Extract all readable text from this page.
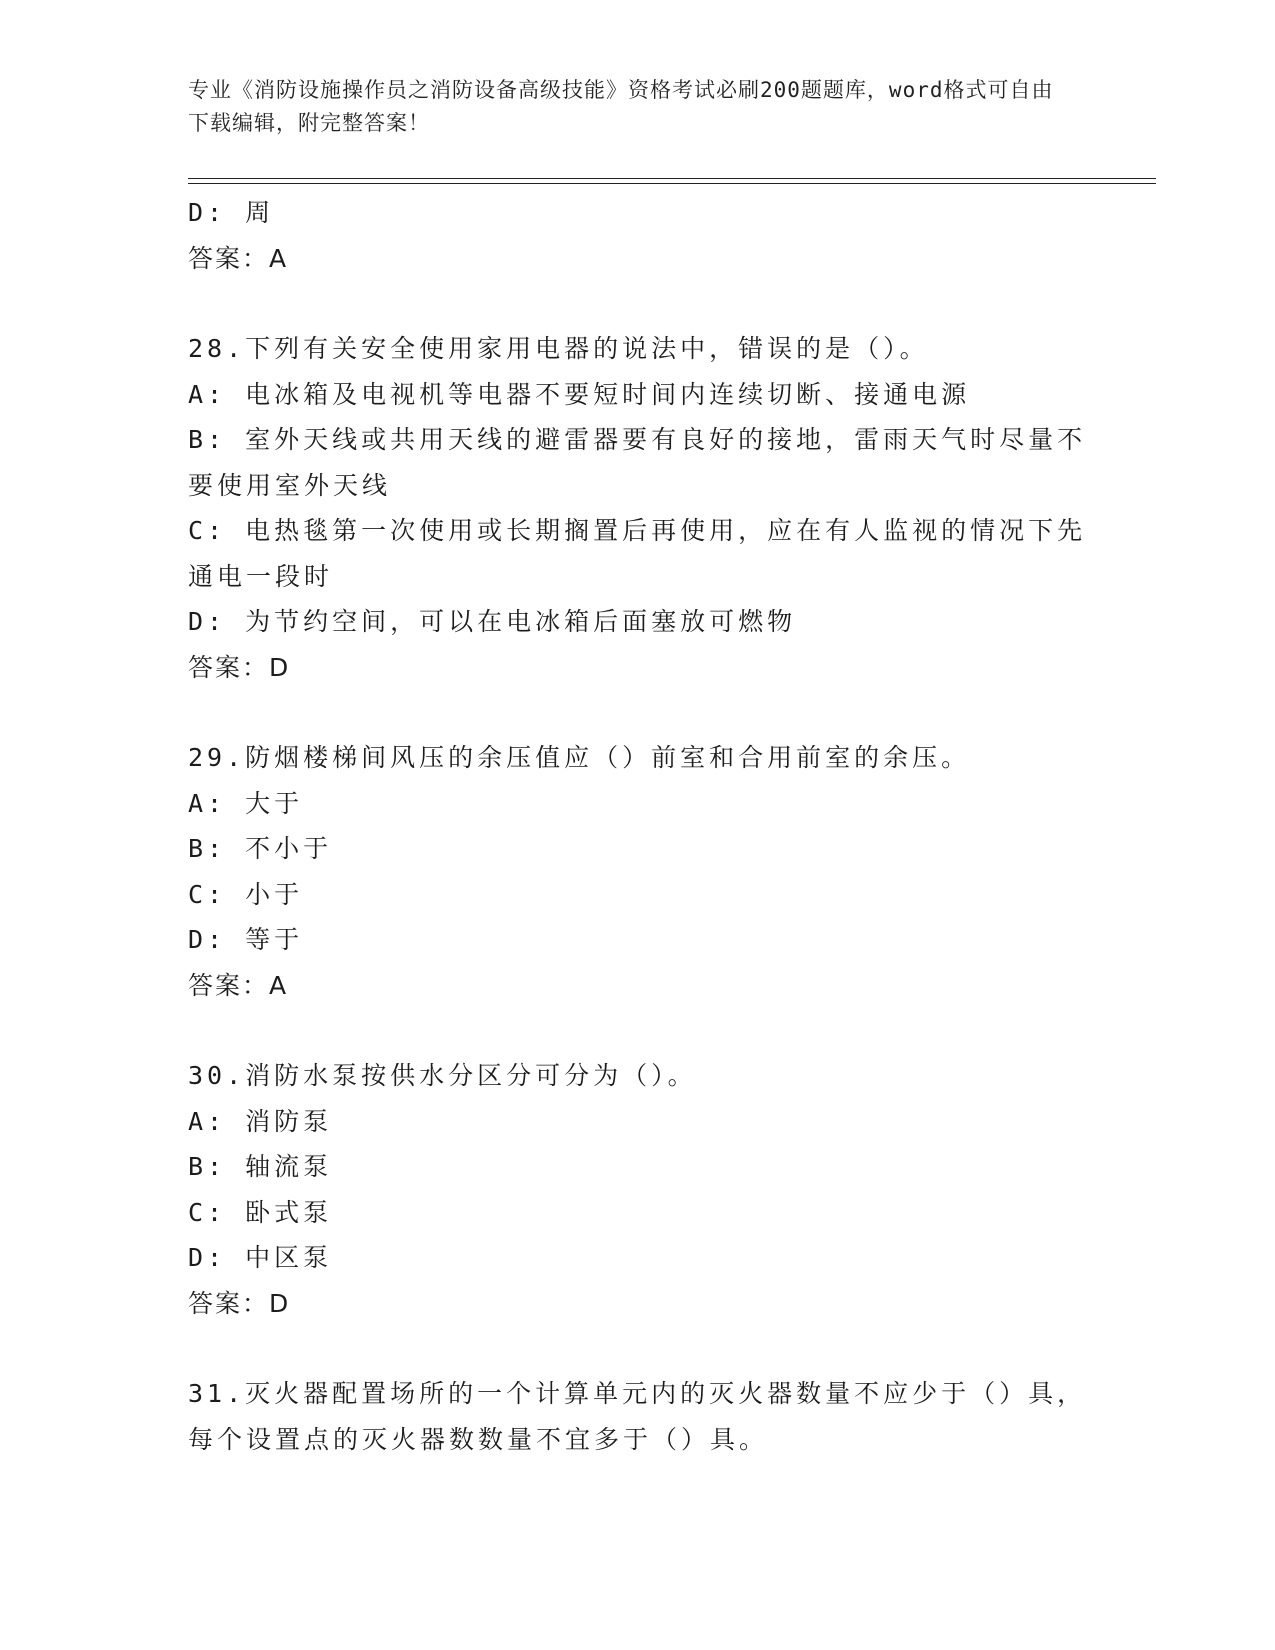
专业《消防设施操作员之消防设备高级技能》资格考试必刷200题题库，word格式可自由下载编辑，附完整答案！
D: 周
答案：A
28.下列有关安全使用家用电器的说法中，错误的是（）。
A: 电冰箱及电视机等电器不要短时间内连续切断、接通电源
B: 室外天线或共用天线的避雷器要有良好的接地，雷雨天气时尽量不要使用室外天线
C: 电热毯第一次使用或长期搁置后再使用，应在有人监视的情况下先通电一段时
D: 为节约空间，可以在电冰箱后面塞放可燃物
答案：D
29.防烟楼梯间风压的余压值应（）前室和合用前室的余压。
A: 大于
B: 不小于
C: 小于
D: 等于
答案：A
30.消防水泵按供水分区分可分为（）。
A: 消防泵
B: 轴流泵
C: 卧式泵
D: 中区泵
答案：D
31.灭火器配置场所的一个计算单元内的灭火器数量不应少于（）具，每个设置点的灭火器数数量不宜多于（）具。
